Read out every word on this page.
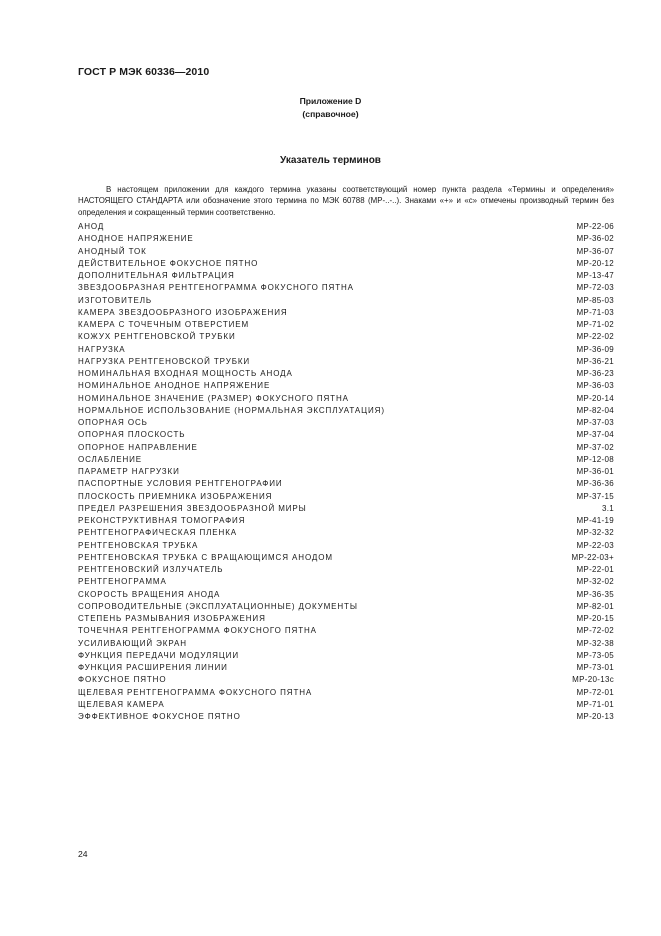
ГОСТ Р МЭК 60336—2010
Приложение D
(справочное)
Указатель терминов

В настоящем приложении для каждого термина указаны соответствующий номер пункта раздела «Термины и определения» НАСТОЯЩЕГО СТАНДАРТА или обозначение этого термина по МЭК 60788 (МР-..-..). Знаками «+» и «с» отмечены производный термин без определения и сокращенный термин соответственно.

АНОД	МР-22-06
АНОДНОЕ НАПРЯЖЕНИЕ	МР-36-02
АНОДНЫЙ ТОК	МР-36-07
ДЕЙСТВИТЕЛЬНОЕ ФОКУСНОЕ ПЯТНО	МР-20-12
ДОПОЛНИТЕЛЬНАЯ ФИЛЬТРАЦИЯ	МР-13-47
ЗВЕЗДООБРАЗНАЯ РЕНТГЕНОГРАММА ФОКУСНОГО ПЯТНА	МР-72-03
ИЗГОТОВИТЕЛЬ	МР-85-03
КАМЕРА ЗВЕЗДООБРАЗНОГО ИЗОБРАЖЕНИЯ	МР-71-03
КАМЕРА С ТОЧЕЧНЫМ ОТВЕРСТИЕМ	МР-71-02
КОЖУХ РЕНТГЕНОВСКОЙ ТРУБКИ	МР-22-02
НАГРУЗКА	МР-36-09
НАГРУЗКА РЕНТГЕНОВСКОЙ ТРУБКИ	МР-36-21
НОМИНАЛЬНАЯ ВХОДНАЯ МОЩНОСТЬ АНОДА	МР-36-23
НОМИНАЛЬНОЕ АНОДНОЕ НАПРЯЖЕНИЕ	МР-36-03
НОМИНАЛЬНОЕ ЗНАЧЕНИЕ (РАЗМЕР) ФОКУСНОГО ПЯТНА	МР-20-14
НОРМАЛЬНОЕ ИСПОЛЬЗОВАНИЕ (НОРМАЛЬНАЯ ЭКСПЛУАТАЦИЯ)	МР-82-04
ОПОРНАЯ ОСЬ	МР-37-03
ОПОРНАЯ ПЛОСКОСТЬ	МР-37-04
ОПОРНОЕ НАПРАВЛЕНИЕ	МР-37-02
ОСЛАБЛЕНИЕ	МР-12-08
ПАРАМЕТР НАГРУЗКИ	МР-36-01
ПАСПОРТНЫЕ УСЛОВИЯ РЕНТГЕНОГРАФИИ	МР-36-36
ПЛОСКОСТЬ ПРИЕМНИКА ИЗОБРАЖЕНИЯ	МР-37-15
ПРЕДЕЛ РАЗРЕШЕНИЯ ЗВЕЗДООБРАЗНОЙ МИРЫ	3.1
РЕКОНСТРУКТИВНАЯ ТОМОГРАФИЯ	МР-41-19
РЕНТГЕНОГРАФИЧЕСКАЯ ПЛЕНКА	МР-32-32
РЕНТГЕНОВСКАЯ ТРУБКА	МР-22-03
РЕНТГЕНОВСКАЯ ТРУБКА С ВРАЩАЮЩИМСЯ АНОДОМ	МР-22-03+
РЕНТГЕНОВСКИЙ ИЗЛУЧАТЕЛЬ	МР-22-01
РЕНТГЕНОГРАММА	МР-32-02
СКОРОСТЬ ВРАЩЕНИЯ АНОДА	МР-36-35
СОПРОВОДИТЕЛЬНЫЕ (ЭКСПЛУАТАЦИОННЫЕ) ДОКУМЕНТЫ	МР-82-01
СТЕПЕНЬ РАЗМЫВАНИЯ ИЗОБРАЖЕНИЯ	МР-20-15
ТОЧЕЧНАЯ РЕНТГЕНОГРАММА ФОКУСНОГО ПЯТНА	МР-72-02
УСИЛИВАЮЩИЙ ЭКРАН	МР-32-38
ФУНКЦИЯ ПЕРЕДАЧИ МОДУЛЯЦИИ	МР-73-05
ФУНКЦИЯ РАСШИРЕНИЯ ЛИНИИ	МР-73-01
ФОКУСНОЕ ПЯТНО	МР-20-13с
ЩЕЛЕВАЯ РЕНТГЕНОГРАММА ФОКУСНОГО ПЯТНА	МР-72-01
ЩЕЛЕВАЯ КАМЕРА	МР-71-01
ЭФФЕКТИВНОЕ ФОКУСНОЕ ПЯТНО	МР-20-13
24
